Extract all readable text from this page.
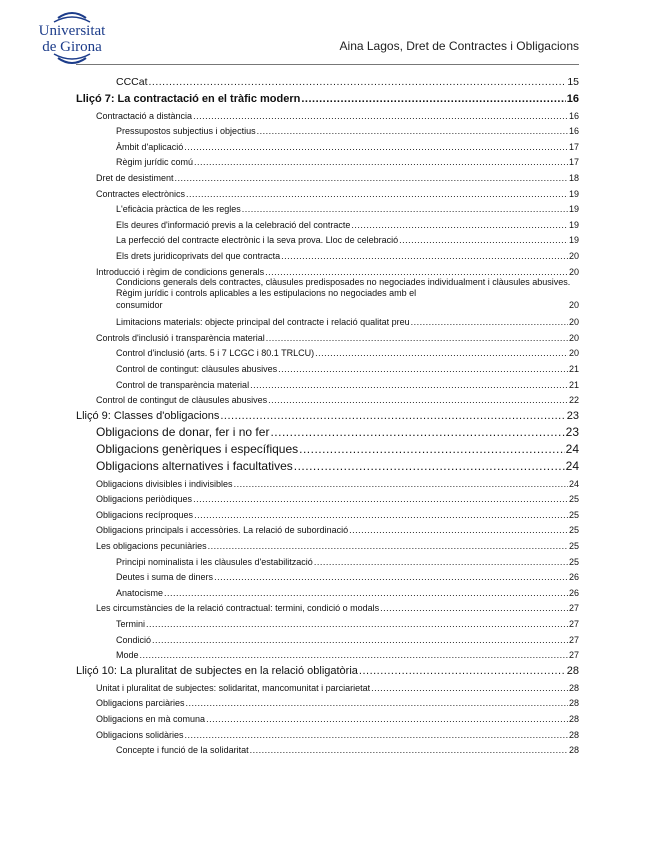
Universitat
de Girona	Aina Lagos, Dret de Contractes i Obligacions
CCCat .....	15
Lliçó 7: La contractació en el tràfic modern .....	16
Contractació a distància .....	16
Pressupostos subjectius i objectius .....	16
Àmbit d'aplicació .....	17
Règim jurídic comú .....	17
Dret de desistiment .....	18
Contractes electrònics .....	19
L'eficàcia pràctica de les regles .....	19
Els deures d'informació previs a la celebració del contracte .....	19
La perfecció del contracte electrònic i la seva prova. Lloc de celebració .....	19
Els drets juridicoprivats del que contracta .....	20
Introducció i règim de condicions generals .....	20
Condicions generals dels contractes, clàusules predisposades no negociades individualment i clàusules abusives. Règim jurídic i controls aplicables a les estipulacions no negociades amb el
consumidor	20
Limitacions materials: objecte principal del contracte i relació qualitat preu .....	20
Controls d'inclusió i transparència material .....	20
Control d'inclusió (arts. 5 i 7 LCGC i 80.1 TRLCU) .....	20
Control de contingut: clàusules abusives .....	21
Control de transparència material .....	21
Control de contingut de clàusules abusives .....	22
Lliçó 9: Classes d'obligacions .....	23
Obligacions de donar, fer i no fer .....	23
Obligacions genèriques i específiques .....	24
Obligacions alternatives i facultatives .....	24
Obligacions divisibles i indivisibles .....	24
Obligacions periòdiques .....	25
Obligacions recíproques .....	25
Obligacions principals i accessòries. La relació de subordinació .....	25
Les obligacions pecuniàries .....	25
Principi nominalista i les clàusules d'estabilització .....	25
Deutes i suma de diners .....	26
Anatocisme .....	26
Les circumstàncies de la relació contractual: termini, condició o modals .....	27
Termini .....	27
Condició .....	27
Mode .....	27
Lliçó 10: La pluralitat de subjectes en la relació obligatòria .....	28
Unitat i pluralitat de subjectes: solidaritat, mancomunitat i parciarietat .....	28
Obligacions parciàries .....	28
Obligacions en mà comuna .....	28
Obligacions solidàries .....	28
Concepte i funció de la solidaritat .....	28
